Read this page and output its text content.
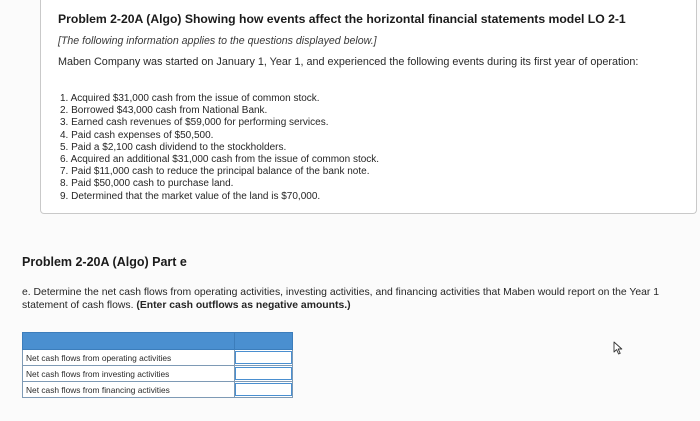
Problem 2-20A (Algo) Showing how events affect the horizontal financial statements model LO 2-1
[The following information applies to the questions displayed below.]
Maben Company was started on January 1, Year 1, and experienced the following events during its first year of operation:
1. Acquired $31,000 cash from the issue of common stock.
2. Borrowed $43,000 cash from National Bank.
3. Earned cash revenues of $59,000 for performing services.
4. Paid cash expenses of $50,500.
5. Paid a $2,100 cash dividend to the stockholders.
6. Acquired an additional $31,000 cash from the issue of common stock.
7. Paid $11,000 cash to reduce the principal balance of the bank note.
8. Paid $50,000 cash to purchase land.
9. Determined that the market value of the land is $70,000.
Problem 2-20A (Algo) Part e
e. Determine the net cash flows from operating activities, investing activities, and financing activities that Maben would report on the Year 1 statement of cash flows. (Enter cash outflows as negative amounts.)

Net cash flows from operating activities	

Net cash flows from investing activities	

Net cash flows from financing activities	
